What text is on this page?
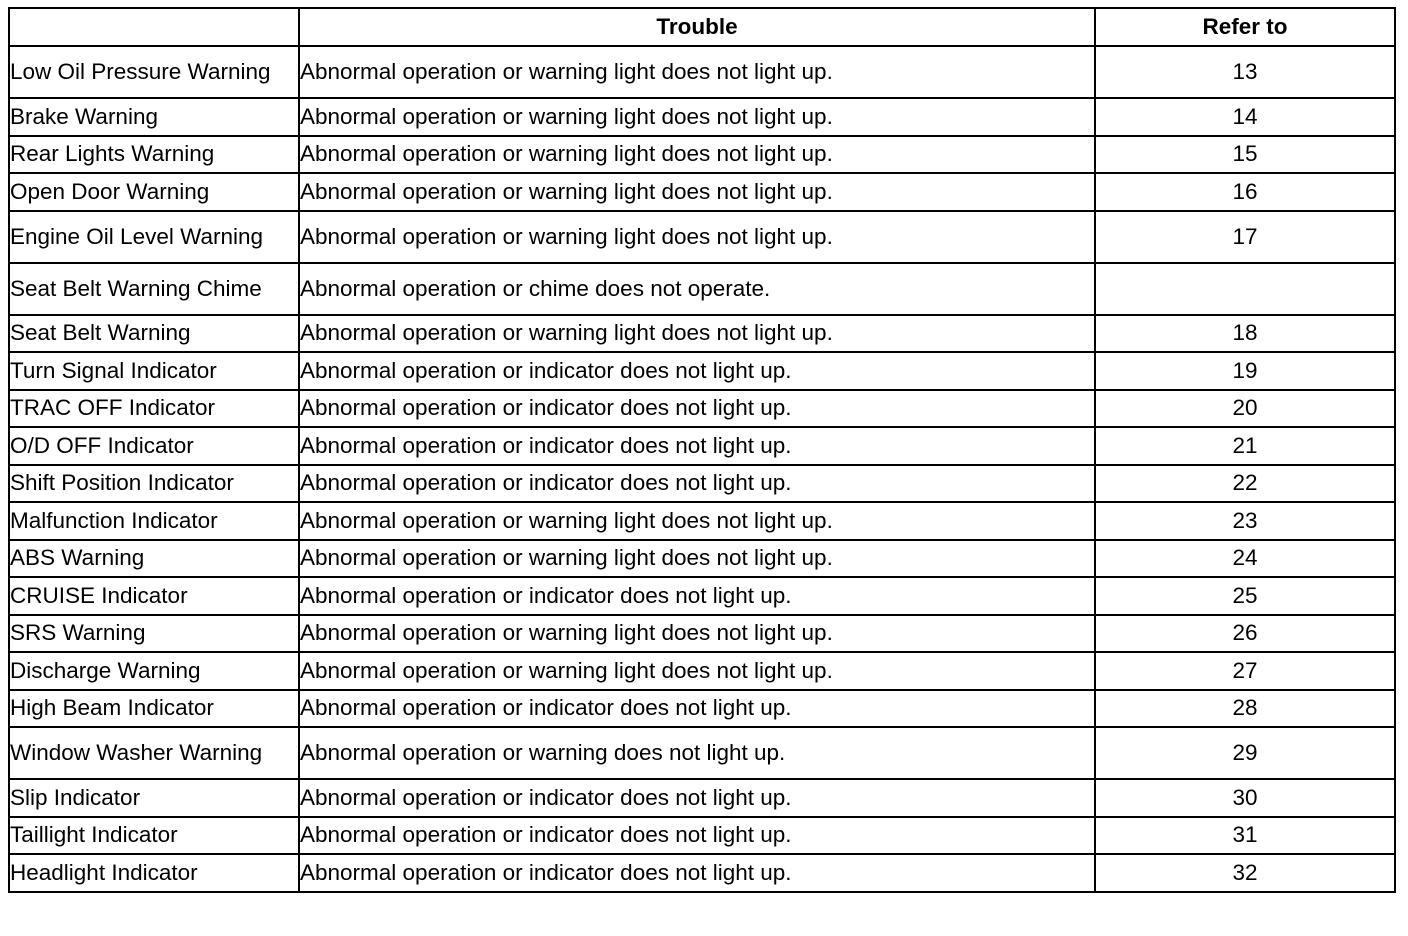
	Trouble	Refer to
Low Oil Pressure Warning	Abnormal operation or warning light does not light up.	13
Brake Warning	Abnormal operation or warning light does not light up.	14
Rear Lights Warning	Abnormal operation or warning light does not light up.	15
Open Door Warning	Abnormal operation or warning light does not light up.	16
Engine Oil Level Warning	Abnormal operation or warning light does not light up.	17
Seat Belt Warning Chime	Abnormal operation or chime does not operate.	
Seat Belt Warning	Abnormal operation or warning light does not light up.	18
Turn Signal Indicator	Abnormal operation or indicator does not light up.	19
TRAC OFF Indicator	Abnormal operation or indicator does not light up.	20
O/D OFF Indicator	Abnormal operation or indicator does not light up.	21
Shift Position Indicator	Abnormal operation or indicator does not light up.	22
Malfunction Indicator	Abnormal operation or warning light does not light up.	23
ABS Warning	Abnormal operation or warning light does not light up.	24
CRUISE Indicator	Abnormal operation or indicator does not light up.	25
SRS Warning	Abnormal operation or warning light does not light up.	26
Discharge Warning	Abnormal operation or warning light does not light up.	27
High Beam Indicator	Abnormal operation or indicator does not light up.	28
Window Washer Warning	Abnormal operation or warning does not light up.	29
Slip Indicator	Abnormal operation or indicator does not light up.	30
Taillight Indicator	Abnormal operation or indicator does not light up.	31
Headlight Indicator	Abnormal operation or indicator does not light up.	32
